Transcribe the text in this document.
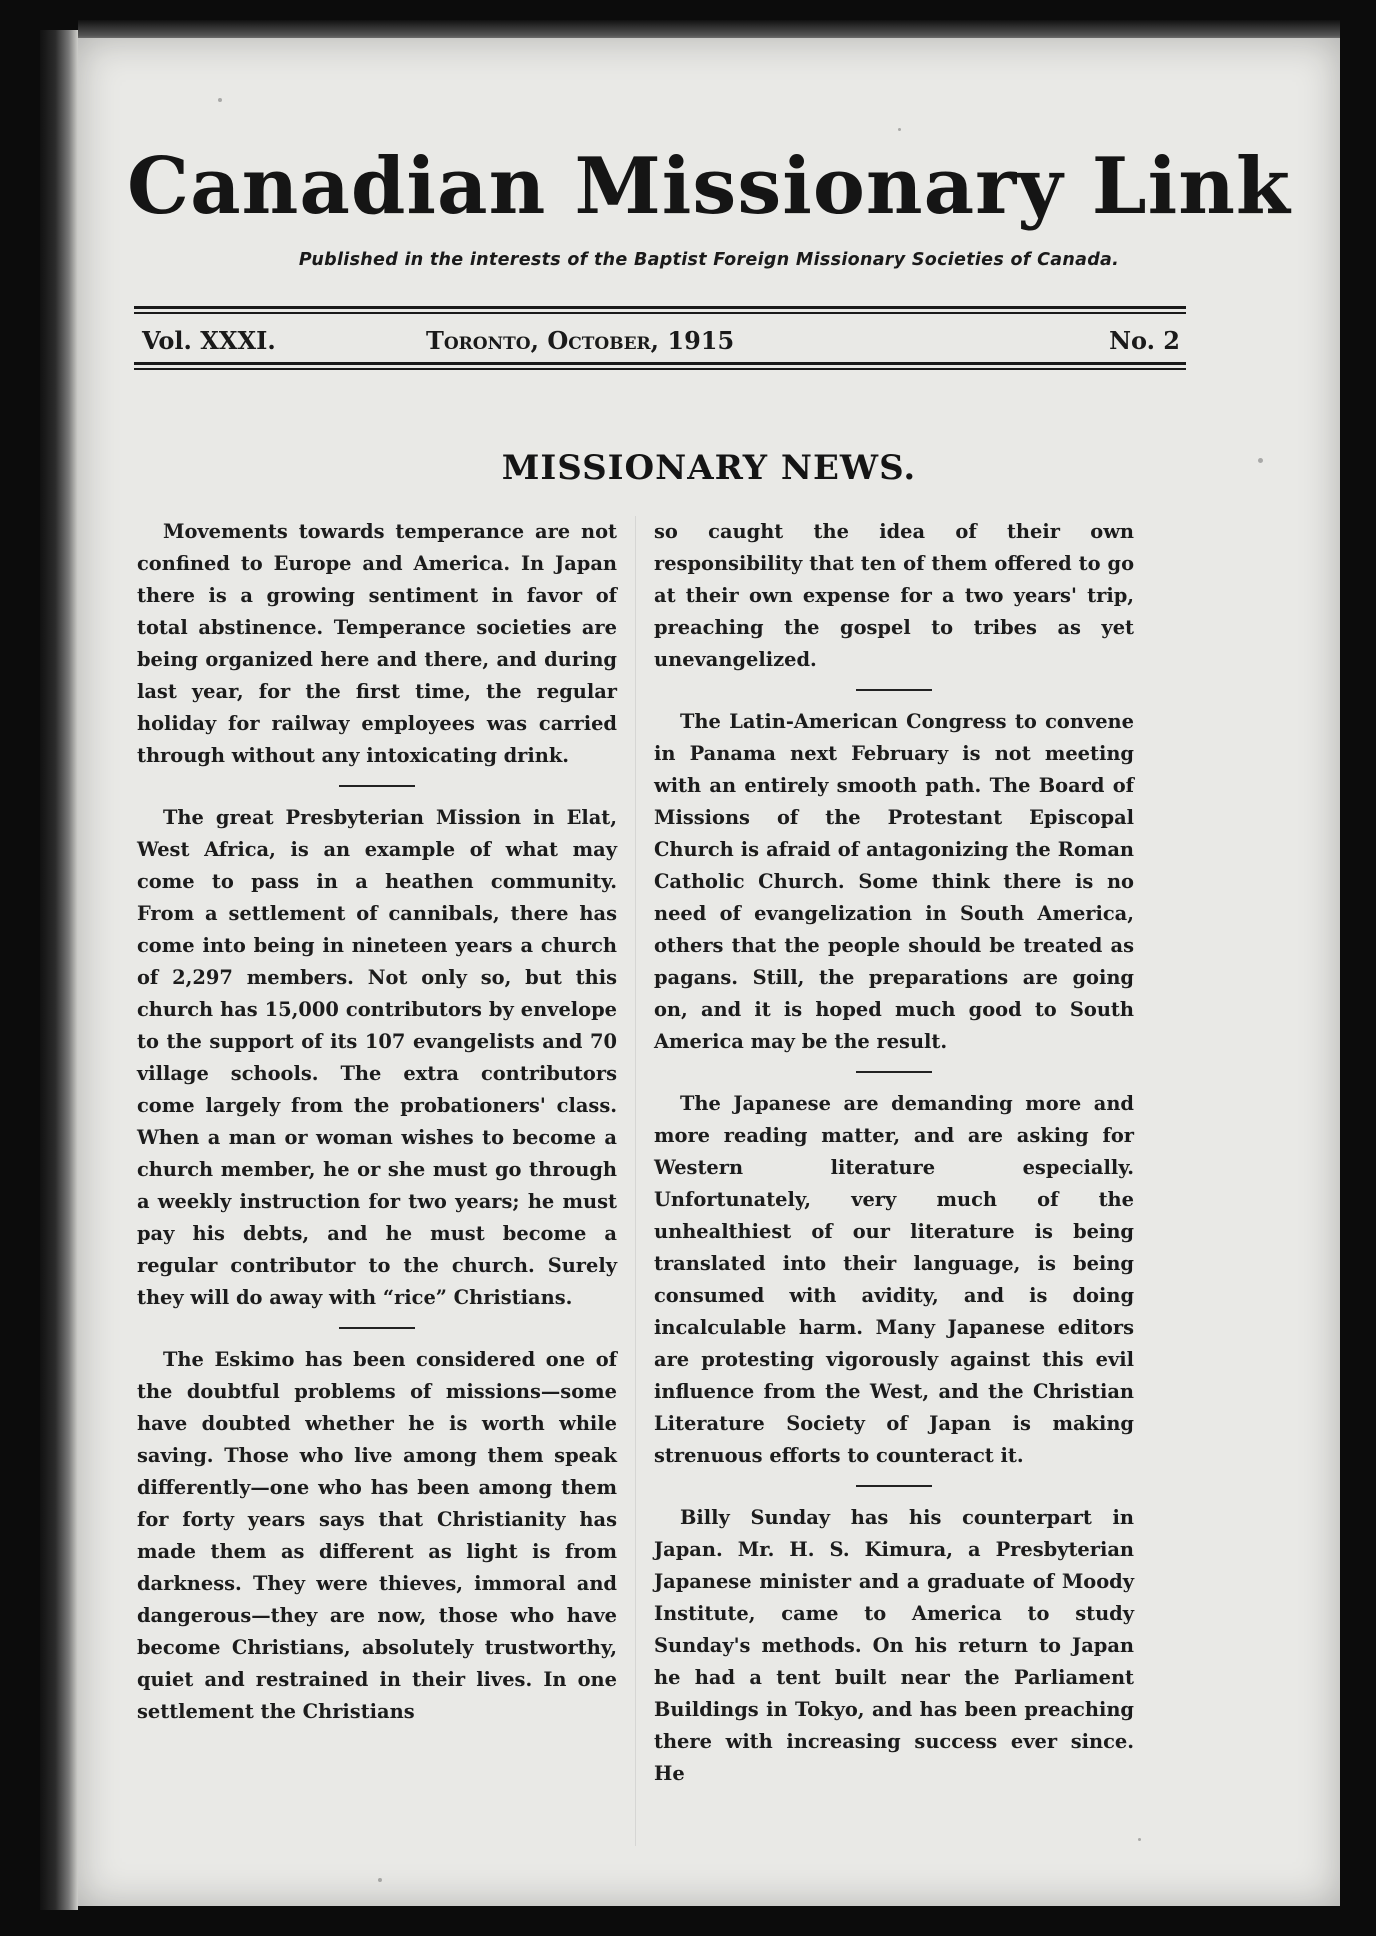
Canadian Missionary Link
Published in the interests of the Baptist Foreign Missionary Societies of Canada.
Vol. XXXI.	Toronto, October, 1915	No. 2
MISSIONARY NEWS.

Movements towards temperance are not confined to Europe and America. In Japan there is a growing sentiment in favor of total abstinence. Temperance societies are being organized here and there, and during last year, for the first time, the regular holiday for railway employees was carried through without any intoxicating drink.

The great Presbyterian Mission in Elat, West Africa, is an example of what may come to pass in a heathen community. From a settlement of cannibals, there has come into being in nineteen years a church of 2,297 members. Not only so, but this church has 15,000 contributors by envelope to the support of its 107 evangelists and 70 village schools. The extra contributors come largely from the probationers' class. When a man or woman wishes to become a church member, he or she must go through a weekly instruction for two years; he must pay his debts, and he must become a regular contributor to the church. Surely they will do away with “rice” Christians.

The Eskimo has been considered one of the doubtful problems of missions—some have doubted whether he is worth while saving. Those who live among them speak differently—one who has been among them for forty years says that Christianity has made them as different as light is from darkness. They were thieves, immoral and dangerous—they are now, those who have become Christians, absolutely trustworthy, quiet and restrained in their lives. In one settlement the Christians

so caught the idea of their own responsibility that ten of them offered to go at their own expense for a two years' trip, preaching the gospel to tribes as yet unevangelized.

The Latin-American Congress to convene in Panama next February is not meeting with an entirely smooth path. The Board of Missions of the Protestant Episcopal Church is afraid of antagonizing the Roman Catholic Church. Some think there is no need of evangelization in South America, others that the people should be treated as pagans. Still, the preparations are going on, and it is hoped much good to South America may be the result.

The Japanese are demanding more and more reading matter, and are asking for Western literature especially. Unfortunately, very much of the unhealthiest of our literature is being translated into their language, is being consumed with avidity, and is doing incalculable harm. Many Japanese editors are protesting vigorously against this evil influence from the West, and the Christian Literature Society of Japan is making strenuous efforts to counteract it.

Billy Sunday has his counterpart in Japan. Mr. H. S. Kimura, a Presbyterian Japanese minister and a graduate of Moody Institute, came to America to study Sunday's methods. On his return to Japan he had a tent built near the Parliament Buildings in Tokyo, and has been preaching there with increasing success ever since. He
